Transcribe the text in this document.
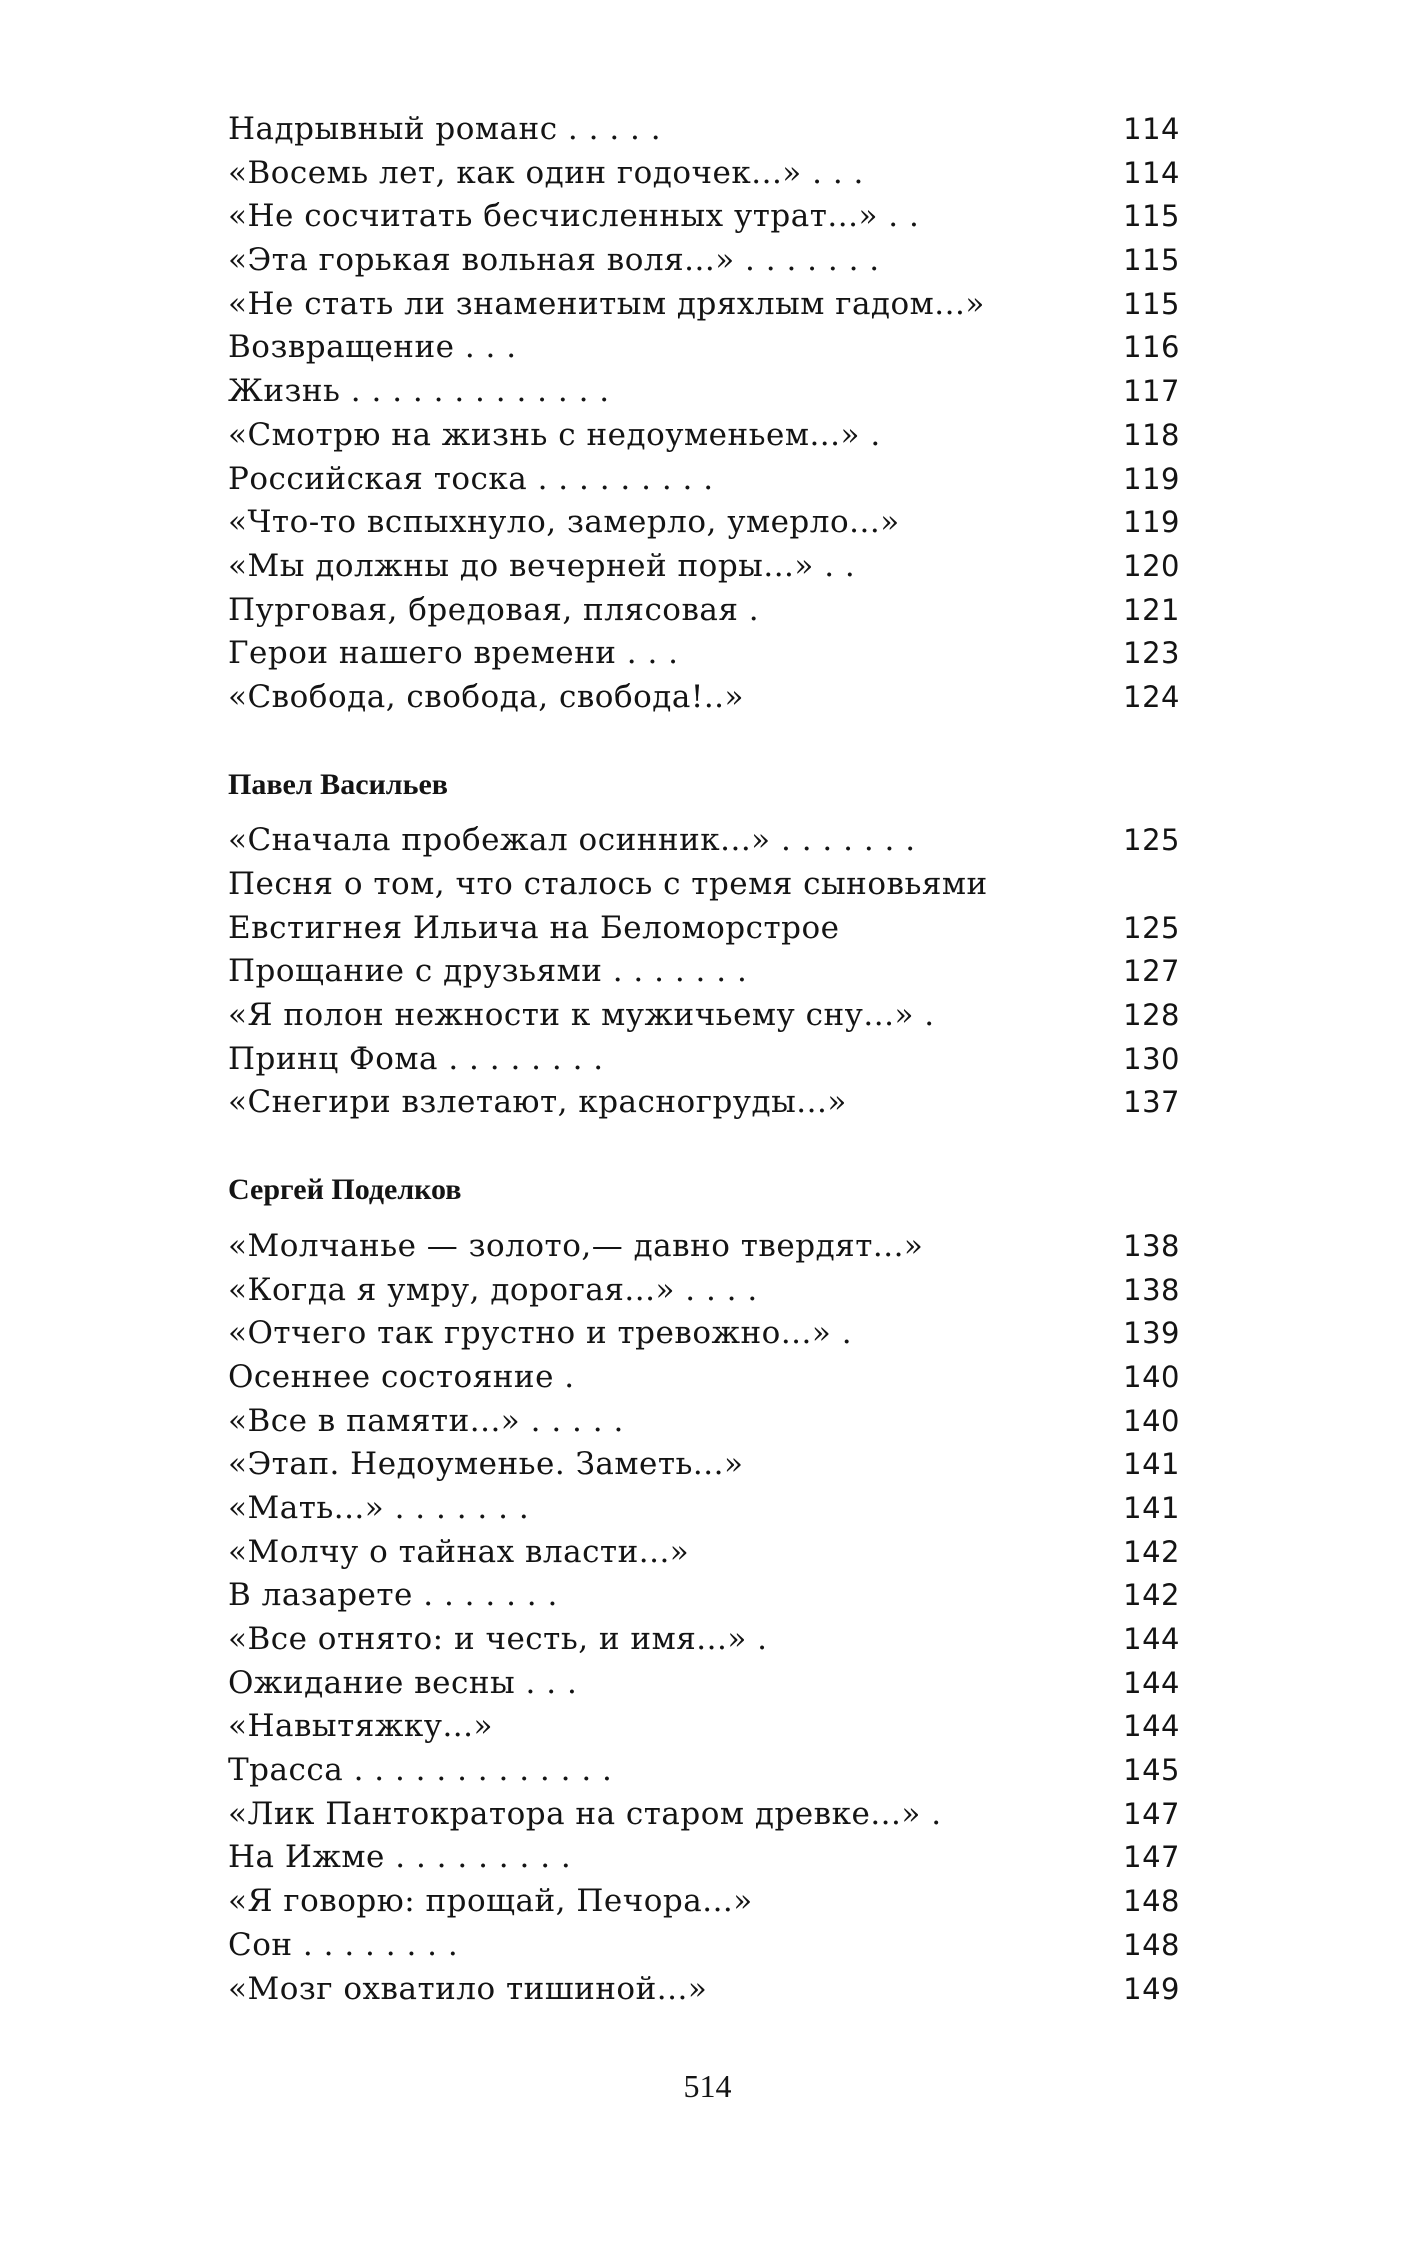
Надрывный романс . . . . .	114
«Восемь лет, как один годочек...» . . .	114
«Не сосчитать бесчисленных утрат...» . .	115
«Эта горькая вольная воля...» . . . . . . .	115
«Не стать ли знаменитым дряхлым гадом...»	115
Возвращение . . .	116
Жизнь . . . . . . . . . . . . .	117
«Смотрю на жизнь с недоуменьем...» .	118
Российская тоска . . . . . . . . .	119
«Что-то вспыхнуло, замерло, умерло...»	119
«Мы должны до вечерней поры...» . .	120
Пурговая, бредовая, плясовая .	121
Герои нашего времени . . .	123
«Свобода, свобода, свобода!..»	124
Павел Васильев
«Сначала пробежал осинник...» . . . . . . .	125
Песня о том, что сталось с тремя сыновьями
Евстигнея Ильича на Беломорстрое	125
Прощание с друзьями . . . . . . .	127
«Я полон нежности к мужичьему сну...» .	128
Принц Фома . . . . . . . .	130
«Снегири взлетают, красногруды...»	137
Сергей Поделков
«Молчанье — золото,— давно твердят...»	138
«Когда я умру, дорогая...» . . . .	138
«Отчего так грустно и тревожно...» .	139
Осеннее состояние .	140
«Все в памяти...» . . . . .	140
«Этап. Недоуменье. Заметь...»	141
«Мать...» . . . . . . .	141
«Молчу о тайнах власти...»	142
В лазарете . . . . . . .	142
«Все отнято: и честь, и имя...» .	144
Ожидание весны . . .	144
«Навытяжку...»	144
Трасса . . . . . . . . . . . . .	145
«Лик Пантократора на старом древке...» .	147
На Ижме . . . . . . . . .	147
«Я говорю: прощай, Печора...»	148
Сон . . . . . . . .	148
«Мозг охватило тишиной...»	149
514
